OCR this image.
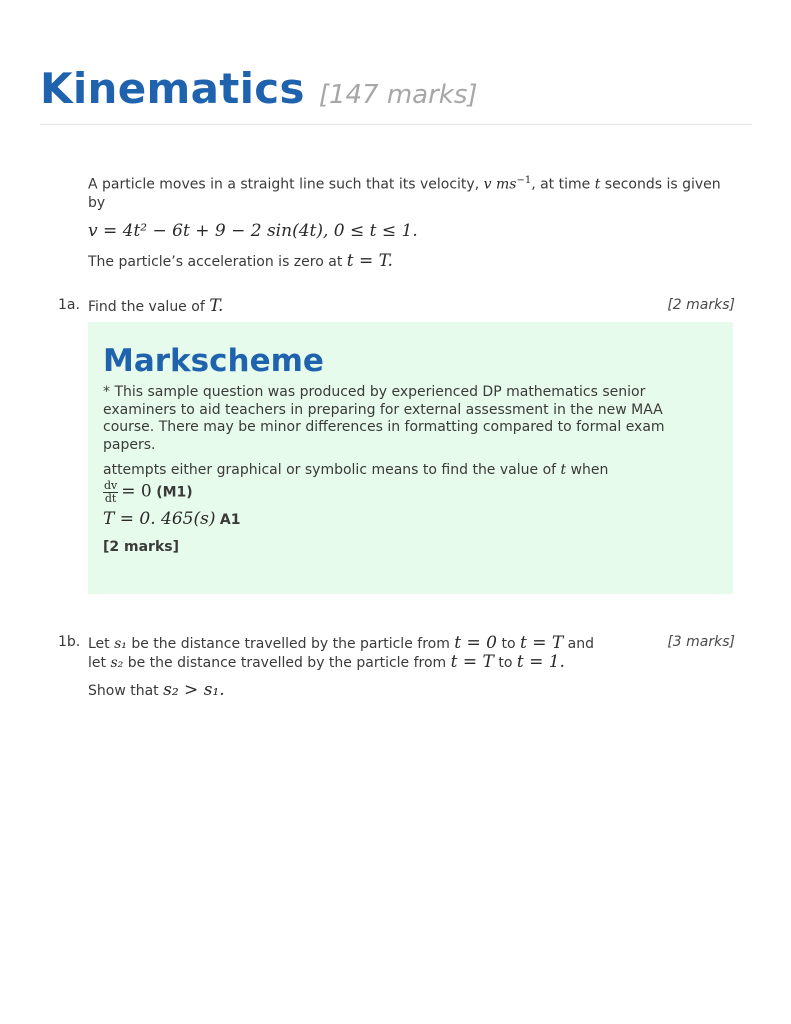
Kinematics [147 marks]

A particle moves in a straight line such that its velocity, v $ms^{-1}$, at time t seconds is given by

v = 4t² − 6t + 9 − 2 sin(4t), 0 ≤ t ≤ 1.

The particle’s acceleration is zero at t = T.

1a. Find the value of T.	[2 marks]
Markscheme

* This sample question was produced by experienced DP mathematics senior examiners to aid teachers in preparing for external assessment in the new MAA course. There may be minor differences in formatting compared to formal exam papers.

attempts either graphical or symbolic means to find the value of t when

$\frac{dv}{dt} = 0$ (M1)

T = 0. 465(s) A1

[2 marks]

1b. Let s₁ be the distance travelled by the particle from t = 0 to t = T and
let s₂ be the distance travelled by the particle from t = T to t = 1.
Show that s₂ > s₁.
[3 marks]
